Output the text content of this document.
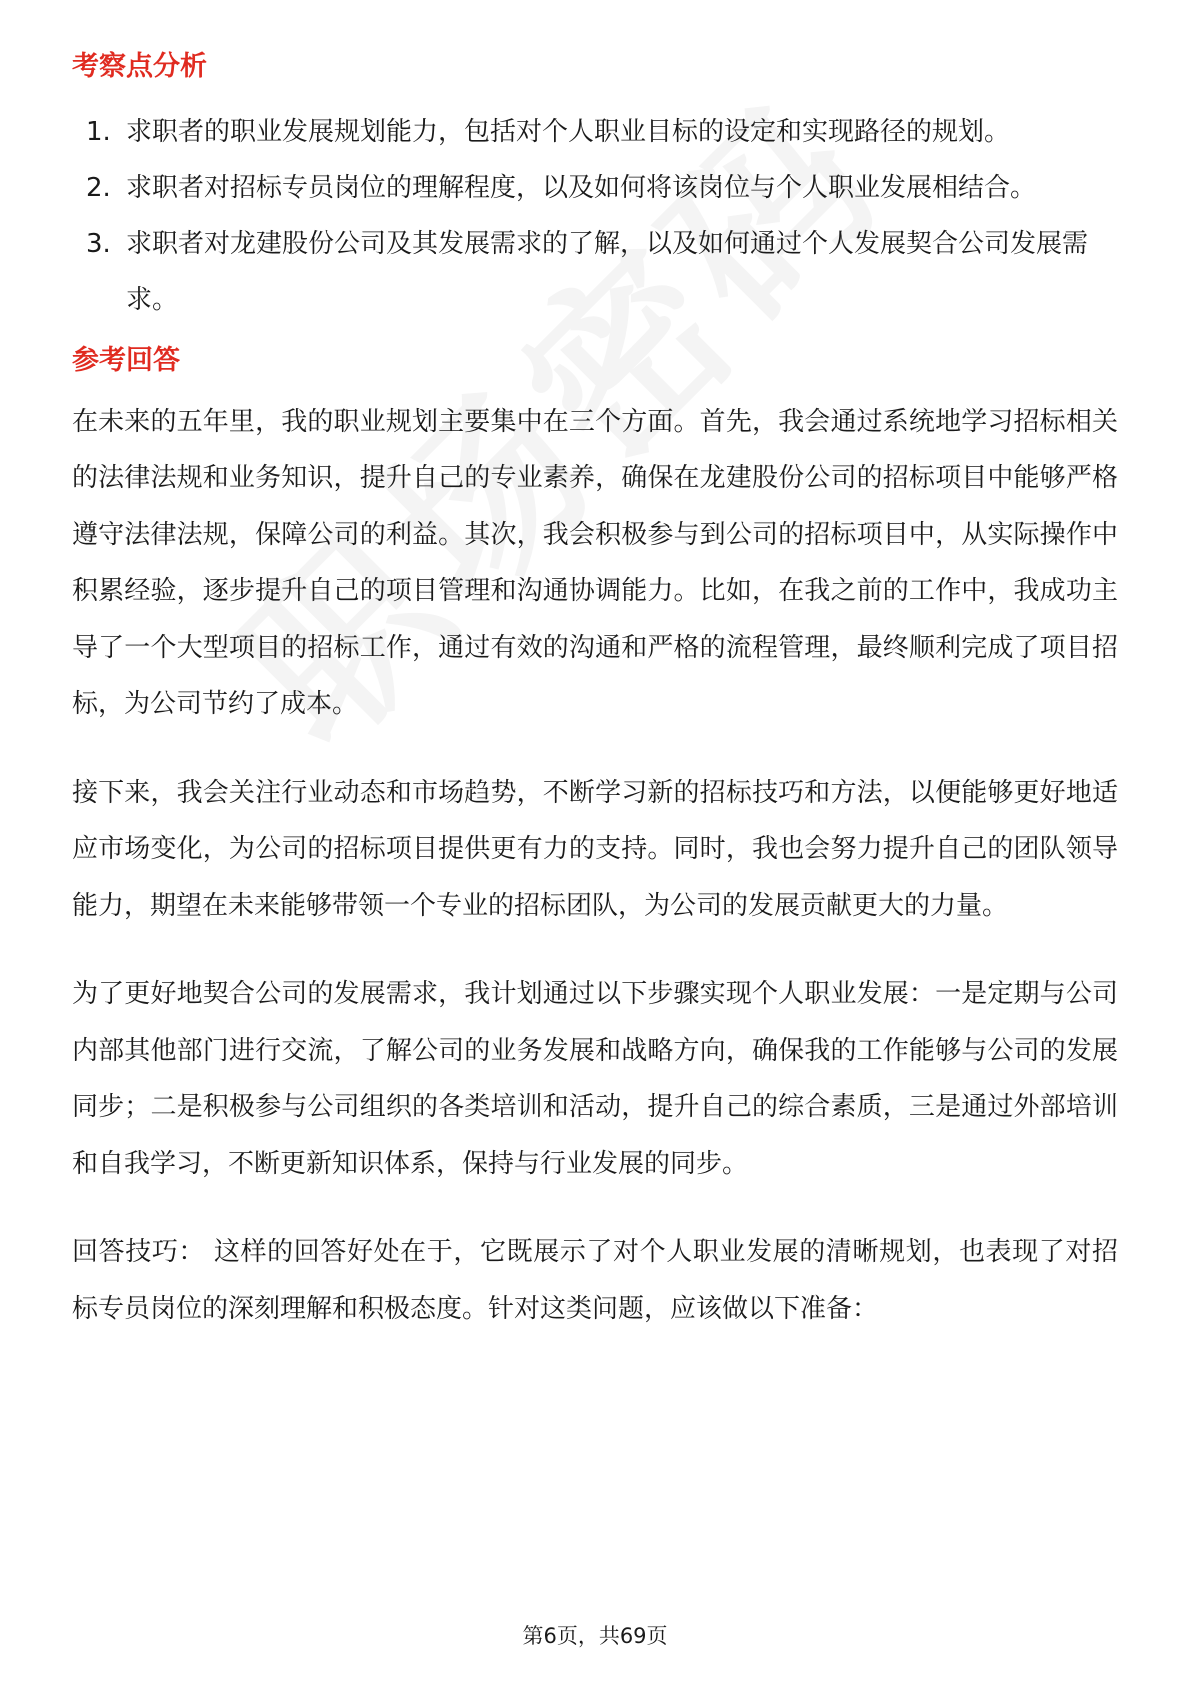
考察点分析
1. 求职者的职业发展规划能力，包括对个人职业目标的设定和实现路径的规划。
2. 求职者对招标专员岗位的理解程度，以及如何将该岗位与个人职业发展相结合。
3. 求职者对龙建股份公司及其发展需求的了解，以及如何通过个人发展契合公司发展需求。
参考回答

在未来的五年里，我的职业规划主要集中在三个方面。首先，我会通过系统地学习招标相关的法律法规和业务知识，提升自己的专业素养，确保在龙建股份公司的招标项目中能够严格遵守法律法规，保障公司的利益。其次，我会积极参与到公司的招标项目中，从实际操作中积累经验，逐步提升自己的项目管理和沟通协调能力。比如，在我之前的工作中，我成功主导了一个大型项目的招标工作，通过有效的沟通和严格的流程管理，最终顺利完成了项目招标，为公司节约了成本。

接下来，我会关注行业动态和市场趋势，不断学习新的招标技巧和方法，以便能够更好地适应市场变化，为公司的招标项目提供更有力的支持。同时，我也会努力提升自己的团队领导能力，期望在未来能够带领一个专业的招标团队，为公司的发展贡献更大的力量。

为了更好地契合公司的发展需求，我计划通过以下步骤实现个人职业发展：一是定期与公司内部其他部门进行交流，了解公司的业务发展和战略方向，确保我的工作能够与公司的发展同步；二是积极参与公司组织的各类培训和活动，提升自己的综合素质，三是通过外部培训和自我学习，不断更新知识体系，保持与行业发展的同步。

回答技巧： 这样的回答好处在于，它既展示了对个人职业发展的清晰规划，也表现了对招标专员岗位的深刻理解和积极态度。针对这类问题，应该做以下准备：

第6页，共69页
